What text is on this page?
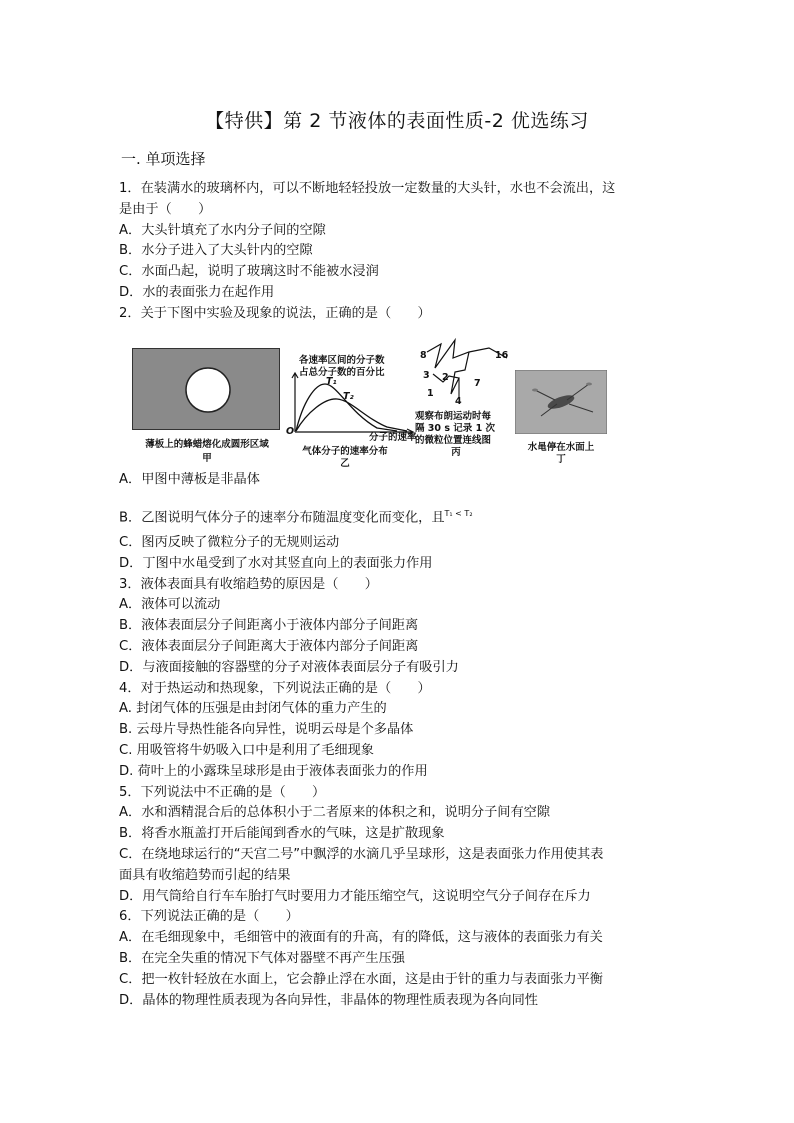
【特供】第 2 节液体的表面性质-2 优选练习
一. 单项选择
1．在装满水的玻璃杯内，可以不断地轻轻投放一定数量的大头针，水也不会流出，这
是由于（　　）
A．大头针填充了水内分子间的空隙
B．水分子进入了大头针内的空隙
C．水面凸起，说明了玻璃这时不能被水浸润
D．水的表面张力在起作用
2．关于下图中实验及现象的说法，正确的是（　　）
薄板上的蜂蜡熔化成圆形区域
甲
各速率区间的分子数
占总分子数的百分比
T₁
T₂
O
分子的速率
气体分子的速率分布
乙
8	16
3 2
7
1
4
观察布朗运动时每
隔 30 s 记录 1 次
的微粒位置连线图
丙	水黾停在水面上
丁
A．甲图中薄板是非晶体
B．乙图说明气体分子的速率分布随温度变化而变化，且$^{T_1 < T_2}$
C．图丙反映了微粒分子的无规则运动
D．丁图中水黾受到了水对其竖直向上的表面张力作用
3．液体表面具有收缩趋势的原因是（　　）
A．液体可以流动
B．液体表面层分子间距离小于液体内部分子间距离
C．液体表面层分子间距离大于液体内部分子间距离
D．与液面接触的容器壁的分子对液体表面层分子有吸引力
4．对于热运动和热现象，下列说法正确的是（　　）
A. 封闭气体的压强是由封闭气体的重力产生的
B. 云母片导热性能各向异性，说明云母是个多晶体
C. 用吸管将牛奶吸入口中是利用了毛细现象
D. 荷叶上的小露珠呈球形是由于液体表面张力的作用
5．下列说法中不正确的是（　　）
A．水和酒精混合后的总体积小于二者原来的体积之和，说明分子间有空隙
B．将香水瓶盖打开后能闻到香水的气味，这是扩散现象
C．在绕地球运行的“天宫二号”中飘浮的水滴几乎呈球形，这是表面张力作用使其表
面具有收缩趋势而引起的结果
D．用气筒给自行车车胎打气时要用力才能压缩空气，这说明空气分子间存在斥力
6．下列说法正确的是（　　）
A．在毛细现象中，毛细管中的液面有的升高，有的降低，这与液体的表面张力有关
B．在完全失重的情况下气体对器壁不再产生压强
C．把一枚针轻放在水面上，它会静止浮在水面，这是由于针的重力与表面张力平衡
D．晶体的物理性质表现为各向异性，非晶体的物理性质表现为各向同性
